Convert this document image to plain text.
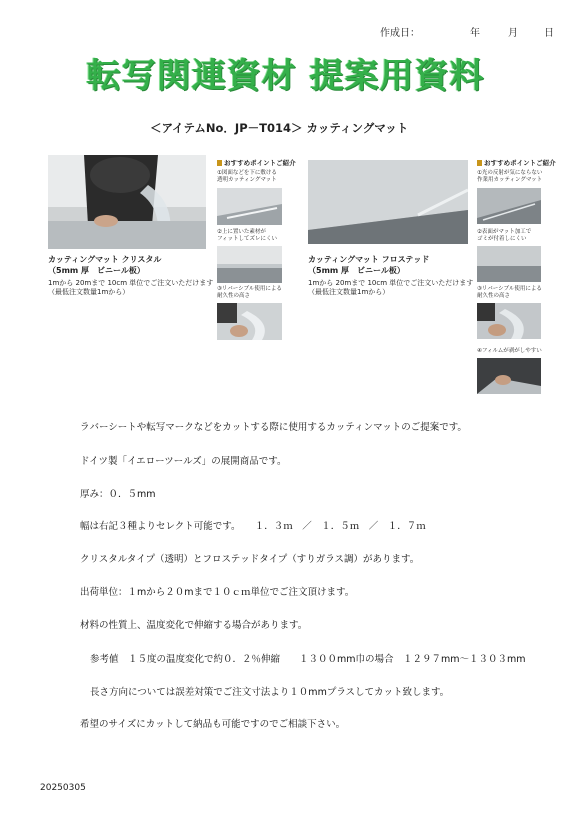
作成日：	年	月	日
転写関連資材 提案用資料
＜アイテムNo．JP－T014＞ カッティングマット
カッティングマット クリスタル
（5mm 厚　ビニール板）
1mから 20mまで 10cm 単位でご注文いただけます
（最低注文数量1mから）
おすすめポイントご紹介
①図面などを下に敷ける
透明カッティングマット
②上に置いた素材が
フィットしてズレにくい
③リバーシブル使用による
耐久性の高さ
カッティングマット フロステッド
（5mm 厚　ビニール板）
1mから 20mまで 10cm 単位でご注文いただけます
（最低注文数量1mから）
おすすめポイントご紹介
①光の反射が気にならない
作業用カッティングマット
②表面がマット加工で
ゴミが付着しにくい
③リバーシブル使用による
耐久性の高さ
④フィルムが剥がしやすい
ラバーシートや転写マークなどをカットする際に使用するカッティンマットのご提案です。
ドイツ製「イエローツールズ」の展開商品です。
厚み：０．５mm
幅は右記３種よりセレクト可能です。　　１．３ｍ　／　１．５ｍ　／　１．７ｍ
クリスタルタイプ（透明）とフロステッドタイプ（すりガラス調）があります。
出荷単位：１mから２０mまで１０ｃｍ単位でご注文頂けます。
材料の性質上、温度変化で伸縮する場合があります。
参考値　１５度の温度変化で約０．２％伸縮　　１３００mm巾の場合　１２９７mm～１３０３mm
長さ方向については誤差対策でご注文寸法より１０mmプラスしてカット致します。
希望のサイズにカットして納品も可能ですのでご相談下さい。
20250305
